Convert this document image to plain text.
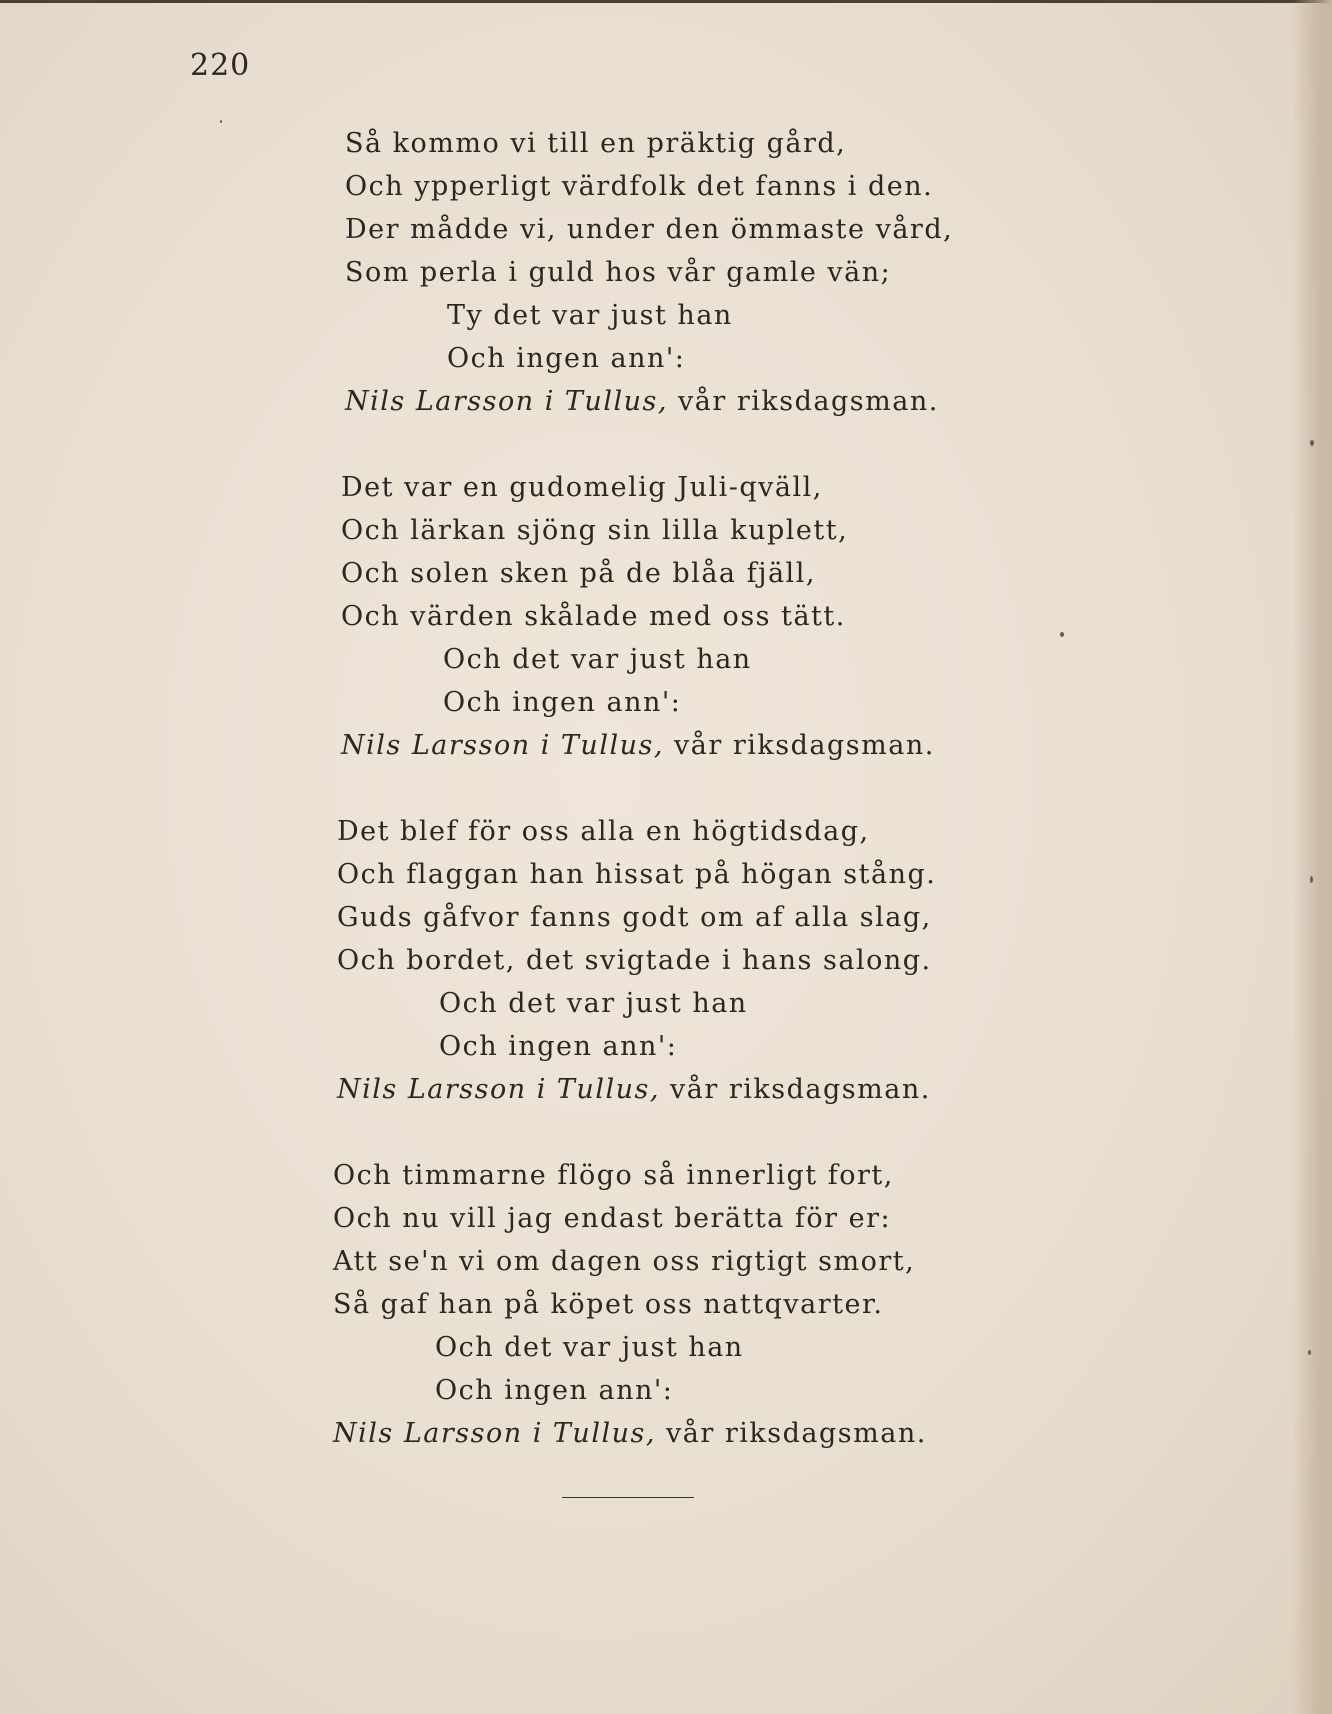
220
Så kommo vi till en präktig gård,
Och ypperligt värdfolk det fanns i den.
Der mådde vi, under den ömmaste vård,
Som perla i guld hos vår gamle vän;
Ty det var just han
Och ingen ann':
Nils Larsson i Tullus, vår riksdagsman.
Det var en gudomelig Juli-qväll,
Och lärkan sjöng sin lilla kuplett,
Och solen sken på de blåa fjäll,
Och värden skålade med oss tätt.
Och det var just han
Och ingen ann':
Nils Larsson i Tullus, vår riksdagsman.
Det blef för oss alla en högtidsdag,
Och flaggan han hissat på högan stång.
Guds gåfvor fanns godt om af alla slag,
Och bordet, det svigtade i hans salong.
Och det var just han
Och ingen ann':
Nils Larsson i Tullus, vår riksdagsman.
Och timmarne flögo så innerligt fort,
Och nu vill jag endast berätta för er:
Att se'n vi om dagen oss rigtigt smort,
Så gaf han på köpet oss nattqvarter.
Och det var just han
Och ingen ann':
Nils Larsson i Tullus, vår riksdagsman.
